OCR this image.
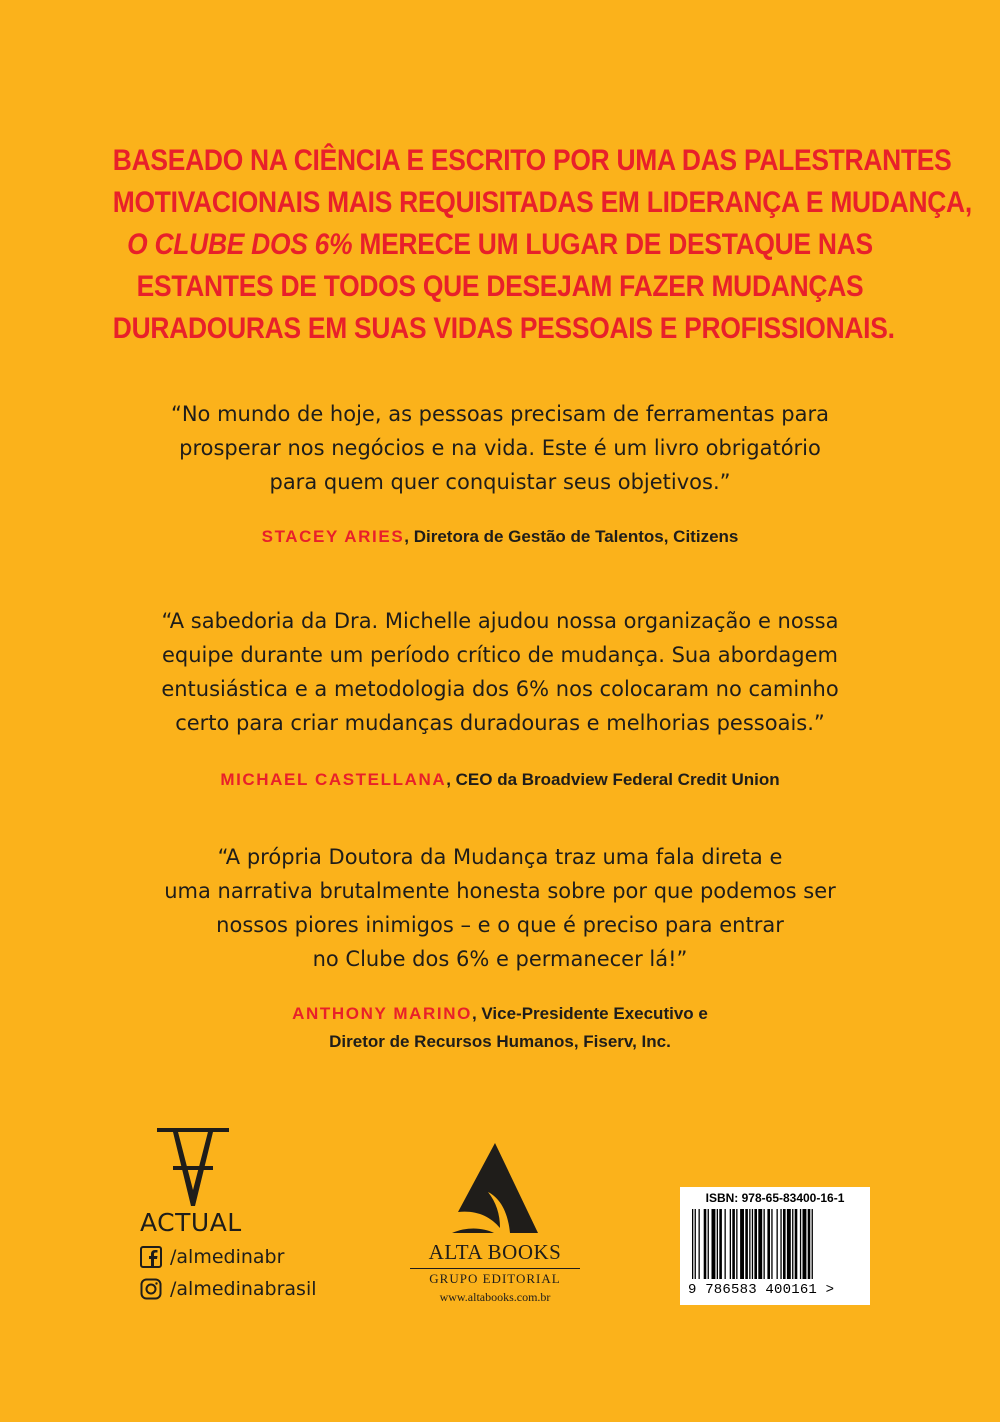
BASEADO NA CIÊNCIA E ESCRITO POR UMA DAS PALESTRANTES
MOTIVACIONAIS MAIS REQUISITADAS EM LIDERANÇA E MUDANÇA,
O CLUBE DOS 6% MERECE UM LUGAR DE DESTAQUE NAS
ESTANTES DE TODOS QUE DESEJAM FAZER MUDANÇAS
DURADOURAS EM SUAS VIDAS PESSOAIS E PROFISSIONAIS.
“No mundo de hoje, as pessoas precisam de ferramentas para
prosperar nos negócios e na vida. Este é um livro obrigatório
para quem quer conquistar seus objetivos.”
STACEY ARIES, Diretora de Gestão de Talentos, Citizens
“A sabedoria da Dra. Michelle ajudou nossa organização e nossa
equipe durante um período crítico de mudança. Sua abordagem
entusiástica e a metodologia dos 6% nos colocaram no caminho
certo para criar mudanças duradouras e melhorias pessoais.”
MICHAEL CASTELLANA, CEO da Broadview Federal Credit Union
“A própria Doutora da Mudança traz uma fala direta e
uma narrativa brutalmente honesta sobre por que podemos ser
nossos piores inimigos – e o que é preciso para entrar
no Clube dos 6% e permanecer lá!”
ANTHONY MARINO, Vice-Presidente Executivo e
Diretor de Recursos Humanos, Fiserv, Inc.
ACTUAL
/almedinabr
/almedinabrasil
ALTA BOOKS
GRUPO EDITORIAL
www.altabooks.com.br
ISBN: 978-65-83400-16-1
9 786583 400161 >
